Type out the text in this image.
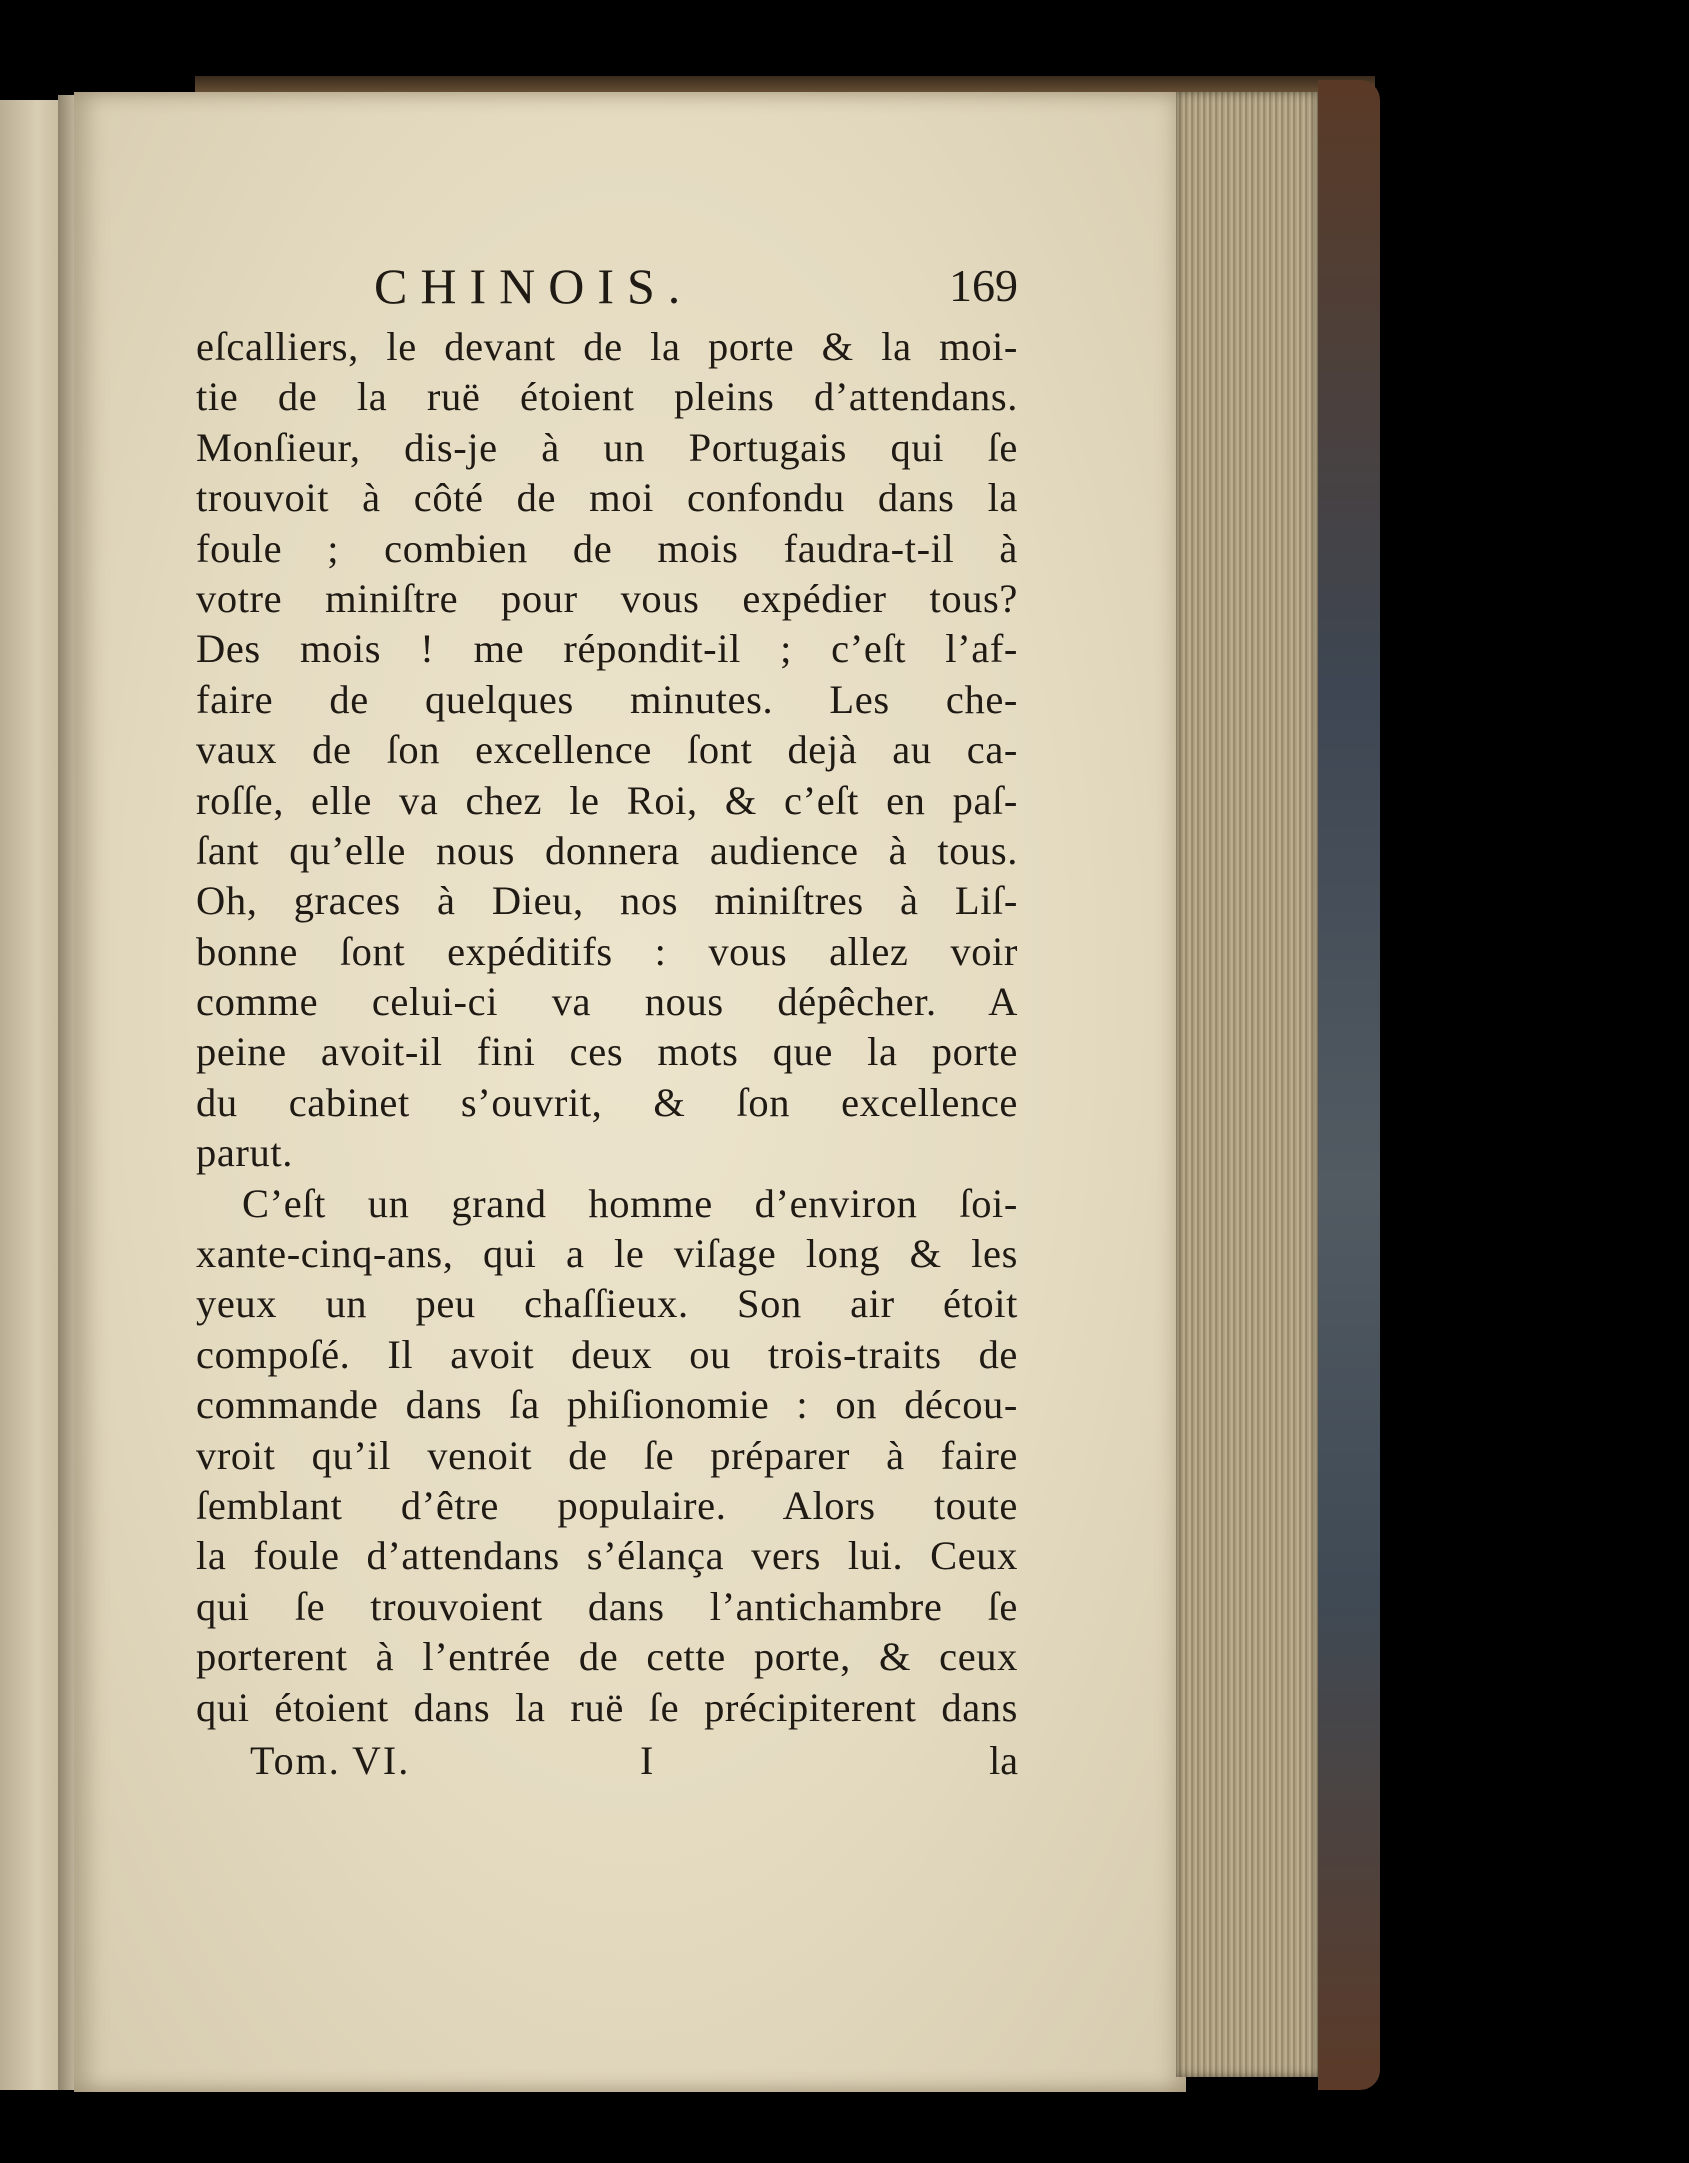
CHINOIS.	169
eſcalliers, le devant de la porte & la moi-
tie de la ruë étoient pleins d’attendans.
Monſieur, dis-je à un Portugais qui ſe
trouvoit à côté de moi confondu dans la
foule ; combien de mois faudra-t-il à
votre miniſtre pour vous expédier tous?
Des mois ! me répondit-il ; c’eſt l’af-
faire de quelques minutes. Les che-
vaux de ſon excellence ſont dejà au ca-
roſſe, elle va chez le Roi, & c’eſt en paſ-
ſant qu’elle nous donnera audience à tous.
Oh, graces à Dieu, nos miniſtres à Liſ-
bonne ſont expéditifs : vous allez voir
comme celui-ci va nous dépêcher. A
peine avoit-il fini ces mots que la porte
du cabinet s’ouvrit, & ſon excellence
parut.
C’eſt un grand homme d’environ ſoi-
xante-cinq-ans, qui a le viſage long & les
yeux un peu chaſſieux. Son air étoit
compoſé. Il avoit deux ou trois-traits de
commande dans ſa phiſionomie : on décou-
vroit qu’il venoit de ſe préparer à faire
ſemblant d’être populaire. Alors toute
la foule d’attendans s’élança vers lui. Ceux
qui ſe trouvoient dans l’antichambre ſe
porterent à l’entrée de cette porte, & ceux
qui étoient dans la ruë ſe précipiterent dans
Tom. VI.	I	la
